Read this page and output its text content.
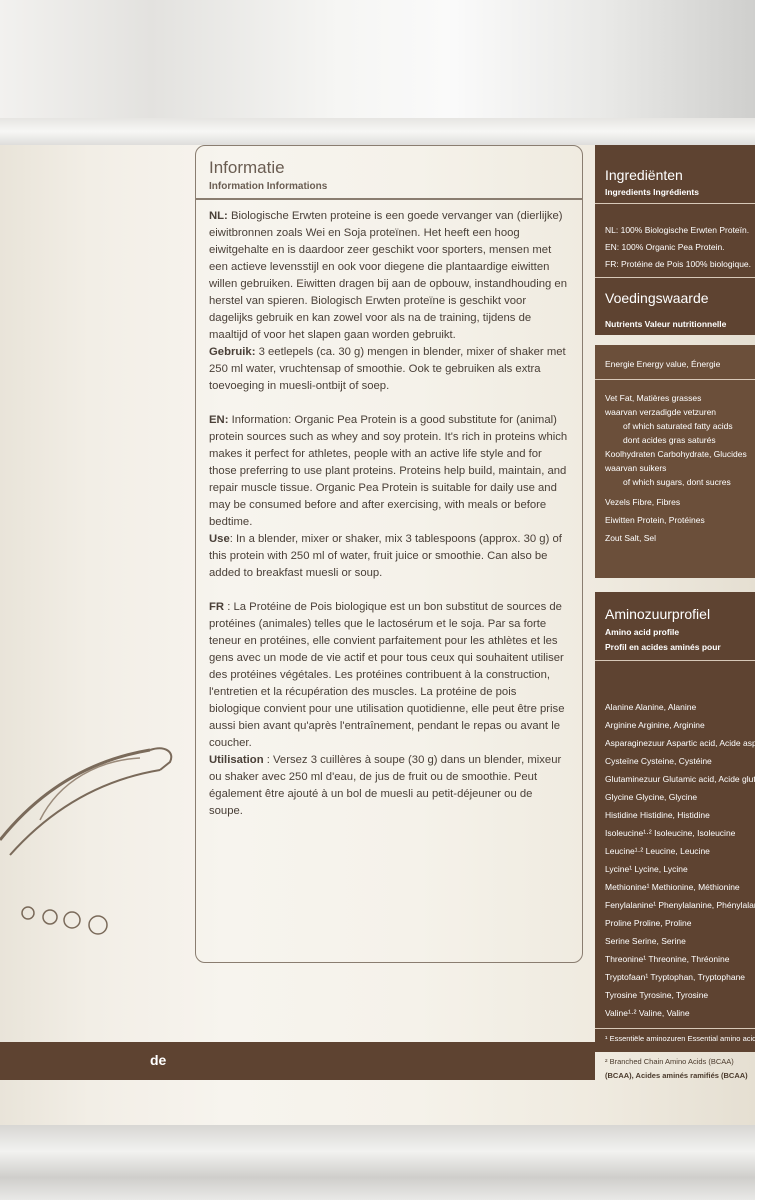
de
Informatie
Information Informations

NL: Biologische Erwten proteine is een goede vervanger van (dierlijke) eiwitbronnen zoals Wei en Soja proteïnen. Het heeft een hoog eiwitgehalte en is daardoor zeer geschikt voor sporters, mensen met een actieve levensstijl en ook voor diegene die plantaardige eiwitten willen gebruiken. Eiwitten dragen bij aan de opbouw, instandhouding en herstel van spieren. Biologisch Erwten proteïne is geschikt voor dagelijks gebruik en kan zowel voor als na de training, tijdens de maaltijd of voor het slapen gaan worden gebruikt.
Gebruik: 3 eetlepels (ca. 30 g) mengen in blender, mixer of shaker met 250 ml water, vruchtensap of smoothie. Ook te gebruiken als extra toevoeging in muesli-ontbijt of soep.

EN: Information: Organic Pea Protein is a good substitute for (animal) protein sources such as whey and soy protein. It's rich in proteins which makes it perfect for athletes, people with an active life style and for those preferring to use plant proteins. Proteins help build, maintain, and repair muscle tissue. Organic Pea Protein is suitable for daily use and may be consumed before and after exercising, with meals or before bedtime.
Use: In a blender, mixer or shaker, mix 3 tablespoons (approx. 30 g) of this protein with 250 ml of water, fruit juice or smoothie. Can also be added to breakfast muesli or soup.

FR : La Protéine de Pois biologique est un bon substitut de sources de protéines (animales) telles que le lactosérum et le soja. Par sa forte teneur en protéines, elle convient parfaitement pour les athlètes et les gens avec un mode de vie actif et pour tous ceux qui souhaitent utiliser des protéines végétales. Les protéines contribuent à la construction, l'entretien et la récupération des muscles. La protéine de pois biologique convient pour une utilisation quotidienne, elle peut être prise aussi bien avant qu'après l'entraînement, pendant le repas ou avant le coucher.
Utilisation : Versez 3 cuillères à soupe (30 g) dans un blender, mixeur ou shaker avec 250 ml d'eau, de jus de fruit ou de smoothie. Peut également être ajouté à un bol de muesli au petit-déjeuner ou de soupe.

Ingrediënten
Ingredients Ingrédients
NL: 100% Biologische Erwten Proteïn.
EN: 100% Organic Pea Protein.
FR: Protéine de Pois 100% biologique.
Voedingswaarde
Nutrients Valeur nutritionnelle
Energie Energy value, Énergie
Vet Fat, Matières grasses
waarvan verzadigde vetzuren
of which saturated fatty acids
dont acides gras saturés
Koolhydraten Carbohydrate, Glucides
waarvan suikers
of which sugars, dont sucres
Vezels Fibre, Fibres
Eiwitten Protein, Protéines
Zout Salt, Sel
Aminozuurprofiel
Amino acid profile
Profil en acides aminés pour
Alanine Alanine, Alanine
Arginine Arginine, Arginine
Asparaginezuur Aspartic acid, Acide aspartique
Cysteïne Cysteine, Cystéine
Glutaminezuur Glutamic acid, Acide glutamique
Glycine Glycine, Glycine
Histidine Histidine, Histidine
Isoleucine¹·² Isoleucine, Isoleucine
Leucine¹·² Leucine, Leucine
Lycine¹ Lycine, Lycine
Methionine¹ Methionine, Méthionine
Fenylalanine¹ Phenylalanine, Phénylalanine
Proline Proline, Proline
Serine Serine, Serine
Threonine¹ Threonine, Thréonine
Tryptofaan¹ Tryptophan, Tryptophane
Tyrosine Tyrosine, Tyrosine
Valine¹·² Valine, Valine
¹ Essentiële aminozuren Essential amino acids
² Branched Chain Amino Acids (BCAA)
(BCAA), Acides aminés ramifiés (BCAA)
